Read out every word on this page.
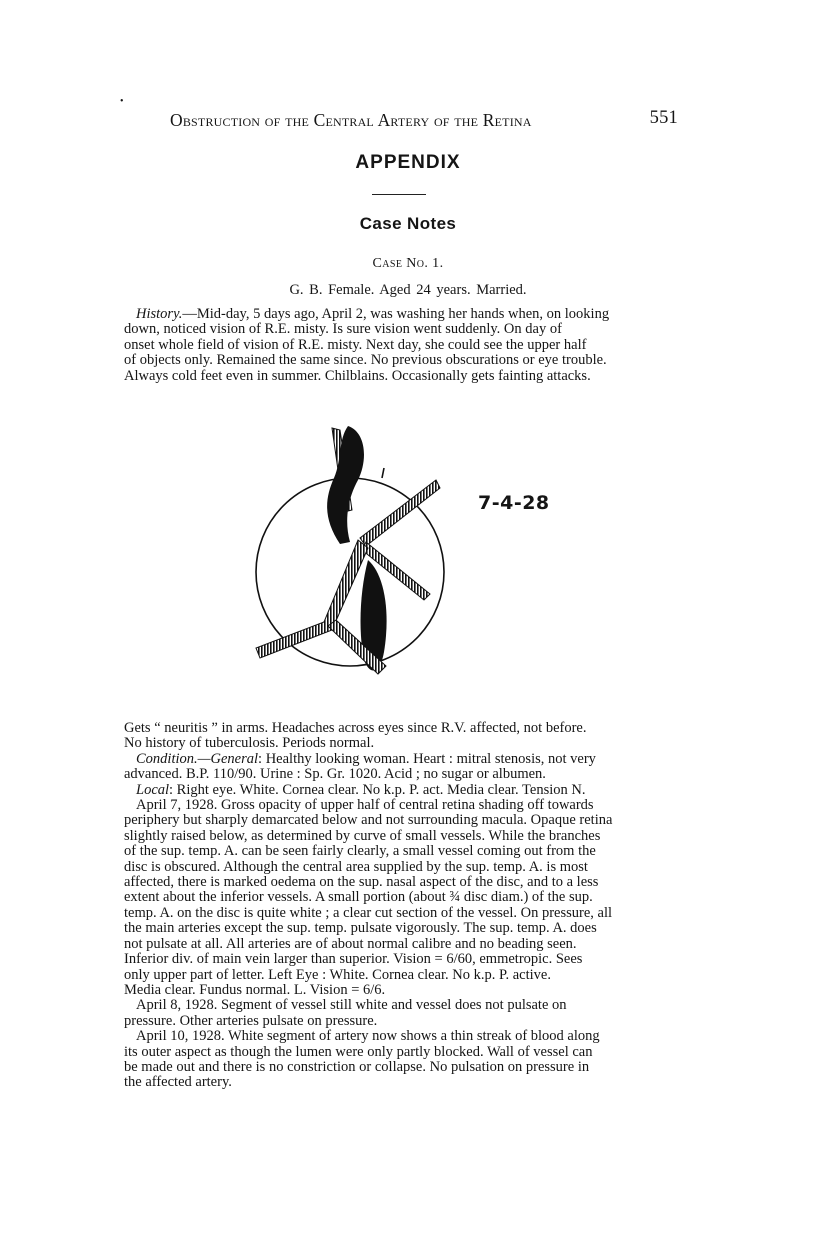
Obstruction of the Central Artery of the Retina	551
APPENDIX
Case Notes
Case No. 1.
G. B. Female. Aged 24 years. Married.
History.—Mid-day, 5 days ago, April 2, was washing her hands when, on looking
down, noticed vision of R.E. misty. Is sure vision went suddenly. On day of
onset whole field of vision of R.E. misty. Next day, she could see the upper half
of objects only. Remained the same since. No previous obscurations or eye trouble.
Always cold feet even in summer. Chilblains. Occasionally gets fainting attacks.
7-4-28
Gets “ neuritis ” in arms. Headaches across eyes since R.V. affected, not before.
No history of tuberculosis. Periods normal.
Condition.—General: Healthy looking woman. Heart : mitral stenosis, not very
advanced. B.P. 110/90. Urine : Sp. Gr. 1020. Acid ; no sugar or albumen.
Local: Right eye. White. Cornea clear. No k.p. P. act. Media clear. Tension N.
April 7, 1928. Gross opacity of upper half of central retina shading off towards
periphery but sharply demarcated below and not surrounding macula. Opaque retina
slightly raised below, as determined by curve of small vessels. While the branches
of the sup. temp. A. can be seen fairly clearly, a small vessel coming out from the
disc is obscured. Although the central area supplied by the sup. temp. A. is most
affected, there is marked oedema on the sup. nasal aspect of the disc, and to a less
extent about the inferior vessels. A small portion (about ¾ disc diam.) of the sup.
temp. A. on the disc is quite white ; a clear cut section of the vessel. On pressure, all
the main arteries except the sup. temp. pulsate vigorously. The sup. temp. A. does
not pulsate at all. All arteries are of about normal calibre and no beading seen.
Inferior div. of main vein larger than superior. Vision = 6/60, emmetropic. Sees
only upper part of letter. Left Eye : White. Cornea clear. No k.p. P. active.
Media clear. Fundus normal. L. Vision = 6/6.
April 8, 1928. Segment of vessel still white and vessel does not pulsate on
pressure. Other arteries pulsate on pressure.
April 10, 1928. White segment of artery now shows a thin streak of blood along
its outer aspect as though the lumen were only partly blocked. Wall of vessel can
be made out and there is no constriction or collapse. No pulsation on pressure in
the affected artery.
•
